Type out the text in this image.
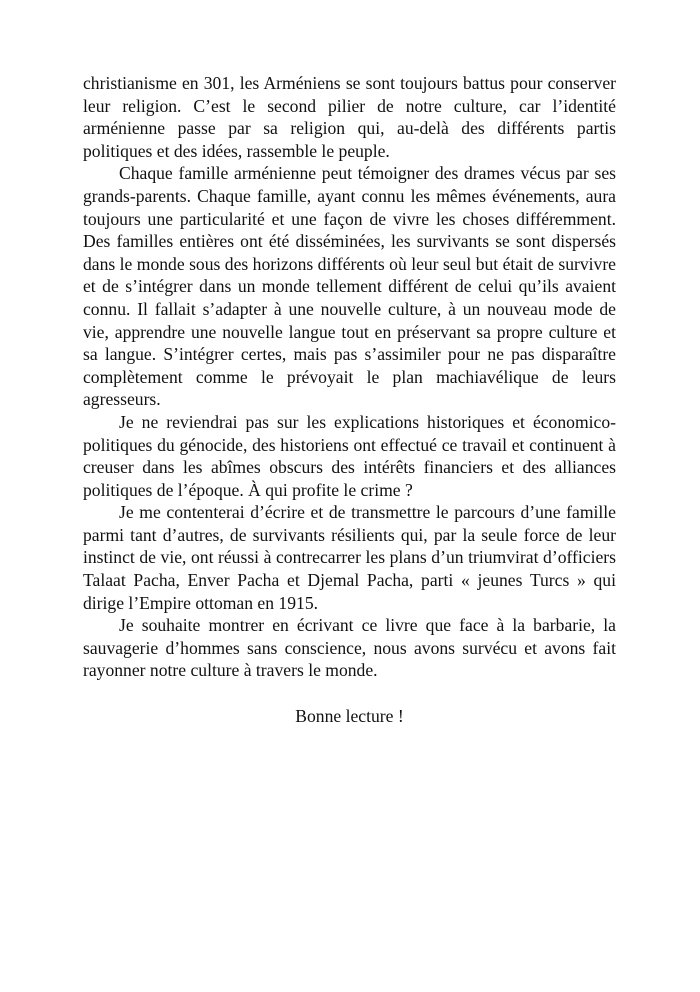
christianisme en 301, les Arméniens se sont toujours battus pour conserver leur religion. C’est le second pilier de notre culture, car l’identité arménienne passe par sa religion qui, au-delà des différents partis politiques et des idées, rassemble le peuple.

Chaque famille arménienne peut témoigner des drames vécus par ses grands-parents. Chaque famille, ayant connu les mêmes événements, aura toujours une particularité et une façon de vivre les choses différemment. Des familles entières ont été disséminées, les survivants se sont dispersés dans le monde sous des horizons différents où leur seul but était de survivre et de s’intégrer dans un monde tellement différent de celui qu’ils avaient connu. Il fallait s’adapter à une nouvelle culture, à un nouveau mode de vie, apprendre une nouvelle langue tout en préservant sa propre culture et sa langue. S’intégrer certes, mais pas s’assimiler pour ne pas disparaître complètement comme le prévoyait le plan machiavélique de leurs agresseurs.

Je ne reviendrai pas sur les explications historiques et économico-politiques du génocide, des historiens ont effectué ce travail et continuent à creuser dans les abîmes obscurs des intérêts financiers et des alliances politiques de l’époque. À qui profite le crime ?

Je me contenterai d’écrire et de transmettre le parcours d’une famille parmi tant d’autres, de survivants résilients qui, par la seule force de leur instinct de vie, ont réussi à contrecarrer les plans d’un triumvirat d’officiers Talaat Pacha, Enver Pacha et Djemal Pacha, parti « jeunes Turcs » qui dirige l’Empire ottoman en 1915.

Je souhaite montrer en écrivant ce livre que face à la barbarie, la sauvagerie d’hommes sans conscience, nous avons survécu et avons fait rayonner notre culture à travers le monde.

Bonne lecture !
